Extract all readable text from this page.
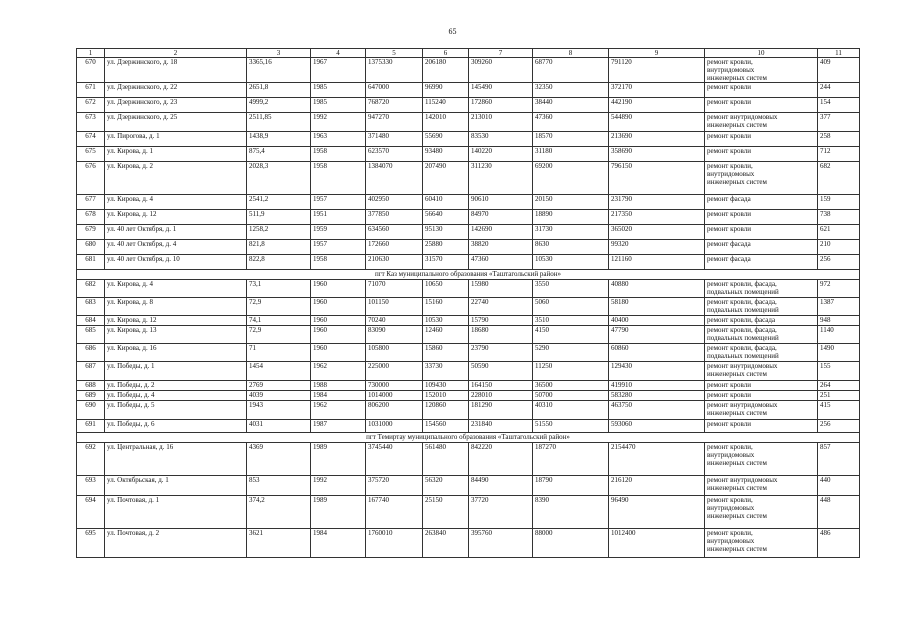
65
1	2	3	4	5	6	7	8	9	10	11
670	ул. Дзержинского, д. 18	3365,16	1967	1375330	206180	309260	68770	791120	ремонт кровли,
внутридомовых
инженерных систем	409
671	ул. Дзержинского, д. 22	2651,8	1985	647000	96990	145490	32350	372170	ремонт кровли	244
672	ул. Дзержинского, д. 23	4999,2	1985	768720	115240	172860	38440	442190	ремонт кровли	154
673	ул. Дзержинского, д. 25	2511,85	1992	947270	142010	213010	47360	544890	ремонт внутридомовых
инженерных систем	377
674	ул. Пирогова, д. 1	1438,9	1963	371480	55690	83530	18570	213690	ремонт кровли	258
675	ул. Кирова, д. 1	875,4	1958	623570	93480	140220	31180	358690	ремонт кровли	712
676	ул. Кирова, д. 2	2028,3	1958	1384070	207490	311230	69200	796150	ремонт кровли,
внутридомовых
инженерных систем	682
677	ул. Кирова, д. 4	2541,2	1957	402950	60410	90610	20150	231790	ремонт фасада	159
678	ул. Кирова, д. 12	511,9	1951	377850	56640	84970	18890	217350	ремонт кровли	738
679	ул. 40 лет Октября, д. 1	1258,2	1959	634560	95130	142690	31730	365020	ремонт кровли	621
680	ул. 40 лет Октября, д. 4	821,8	1957	172660	25880	38820	8630	99320	ремонт фасада	210
681	ул. 40 лет Октября, д. 10	822,8	1958	210630	31570	47360	10530	121160	ремонт фасада	256
пгт Каз муниципального образования «Таштагольский район»										
682	ул. Кирова, д. 4	73,1	1960	71070	10650	15980	3550	40880	ремонт кровли, фасада,
подвальных помещений	972
683	ул. Кирова, д. 8	72,9	1960	101150	15160	22740	5060	58180	ремонт кровли, фасада,
подвальных помещений	1387
684	ул. Кирова, д. 12	74,1	1960	70240	10530	15790	3510	40400	ремонт кровли, фасада	948
685	ул. Кирова, д. 13	72,9	1960	83090	12460	18680	4150	47790	ремонт кровли, фасада,
подвальных помещений	1140
686	ул. Кирова, д. 16	71	1960	105800	15860	23790	5290	60860	ремонт кровли, фасада,
подвальных помещений	1490
687	ул. Победы, д. 1	1454	1962	225000	33730	50590	11250	129430	ремонт внутридомовых
инженерных систем	155
688	ул. Победы, д. 2	2769	1988	730000	109430	164150	36500	419910	ремонт кровли	264
689	ул. Победы, д. 4	4039	1984	1014000	152010	228010	50700	583280	ремонт кровли	251
690	ул. Победы, д. 5	1943	1962	806200	120860	181290	40310	463750	ремонт внутридомовых
инженерных систем	415
691	ул. Победы, д. 6	4031	1987	1031000	154560	231840	51550	593060	ремонт кровли	256
пгт Темиртау муниципального образования «Таштагольский район»										
692	ул. Центральная, д. 16	4369	1989	3745440	561480	842220	187270	2154470	ремонт кровли,
внутридомовых
инженерных систем	857
693	ул. Октябрьская, д. 1	853	1992	375720	56320	84490	18790	216120	ремонт внутридомовых
инженерных систем	440
694	ул. Почтовая, д. 1	374,2	1989	167740	25150	37720	8390	96490	ремонт кровли,
внутридомовых
инженерных систем	448
695	ул. Почтовая, д. 2	3621	1984	1760010	263840	395760	88000	1012400	ремонт кровли,
внутридомовых
инженерных систем	486
